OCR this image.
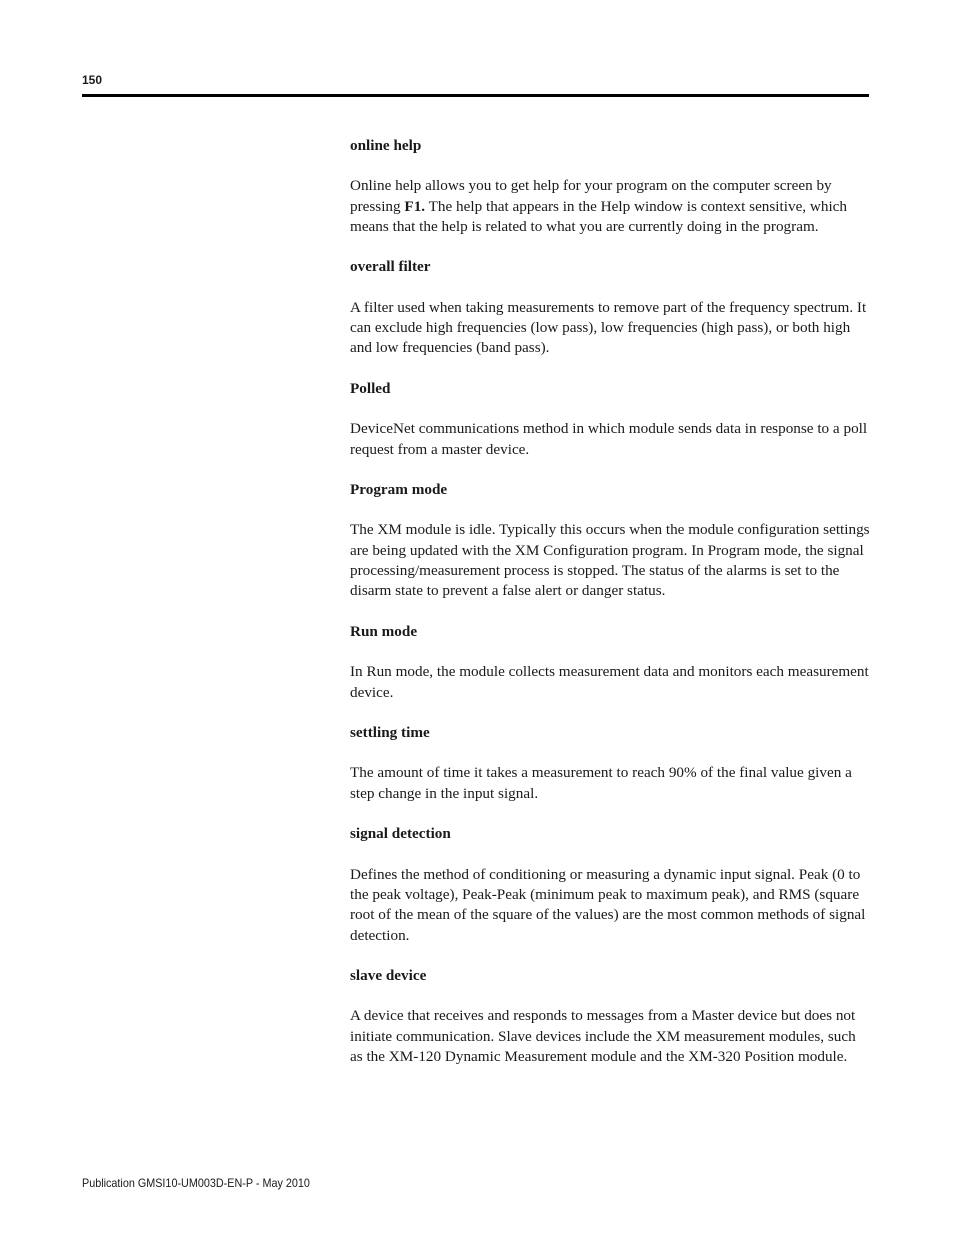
150

online help

Online help allows you to get help for your program on the computer screen by pressing F1. The help that appears in the Help window is context sensitive, which means that the help is related to what you are currently doing in the program.

overall filter

A filter used when taking measurements to remove part of the frequency spectrum. It can exclude high frequencies (low pass), low frequencies (high pass), or both high and low frequencies (band pass).

Polled

DeviceNet communications method in which module sends data in response to a poll request from a master device.

Program mode

The XM module is idle. Typically this occurs when the module configuration settings are being updated with the XM Configuration program. In Program mode, the signal processing/measurement process is stopped. The status of the alarms is set to the disarm state to prevent a false alert or danger status.

Run mode

In Run mode, the module collects measurement data and monitors each measurement device.

settling time

The amount of time it takes a measurement to reach 90% of the final value given a step change in the input signal.

signal detection

Defines the method of conditioning or measuring a dynamic input signal. Peak (0 to the peak voltage), Peak-Peak (minimum peak to maximum peak), and RMS (square root of the mean of the square of the values) are the most common methods of signal detection.

slave device

A device that receives and responds to messages from a Master device but does not initiate communication. Slave devices include the XM measurement modules, such as the XM-120 Dynamic Measurement module and the XM-320 Position module.

Publication GMSI10-UM003D-EN-P - May 2010
